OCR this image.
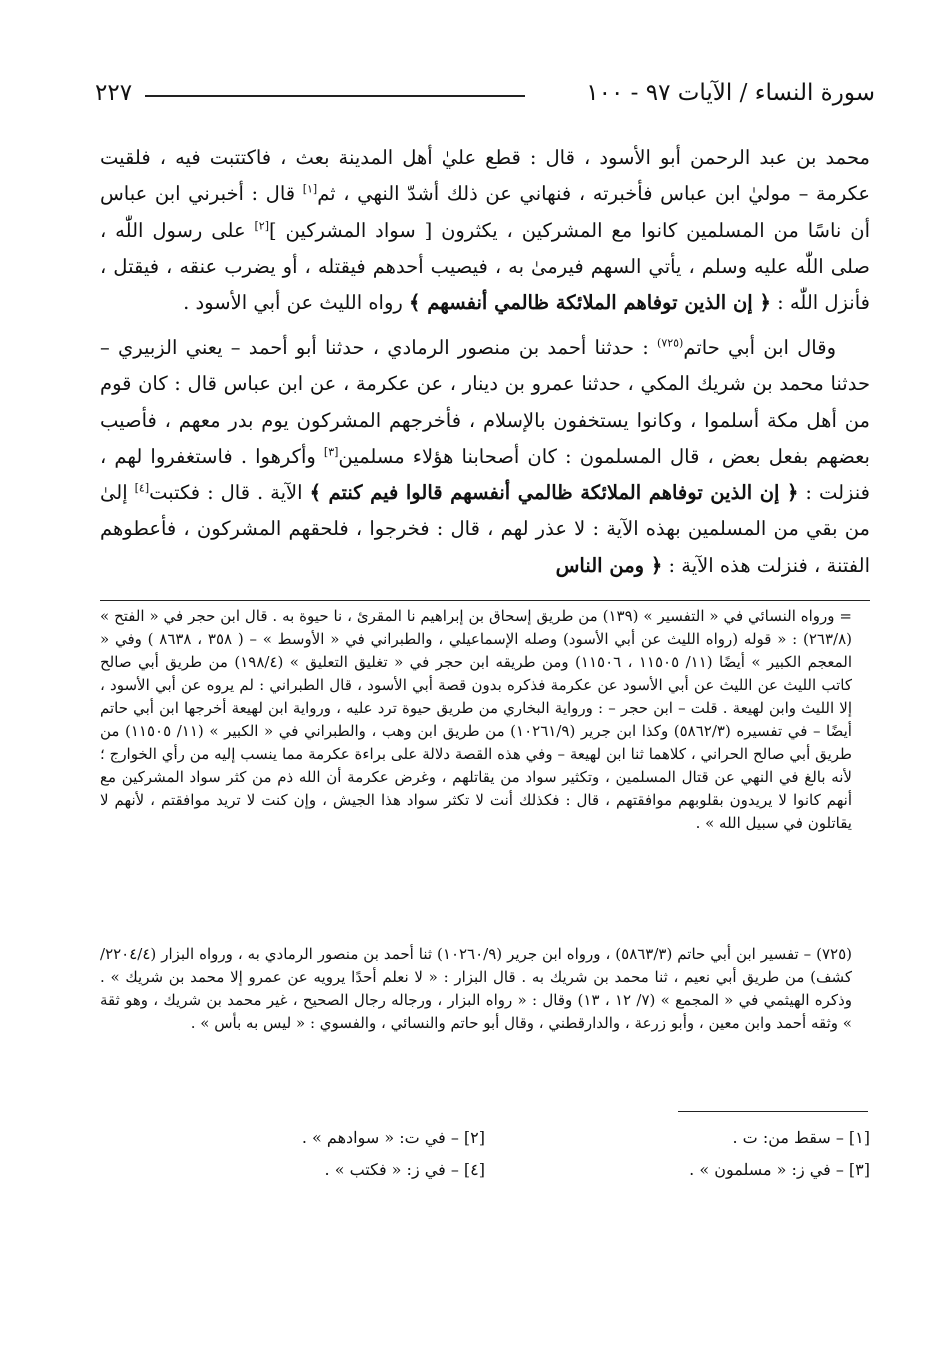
سورة النساء / الآيات ٩٧ - ١٠٠
٢٢٧
محمد بن عبد الرحمن أبو الأسود ، قال : قطع عليٰ أهل المدينة بعث ، فاكتتبت فيه ، فلقيت عكرمة – موليٰ ابن عباس فأخبرته ، فنهاني عن ذلك أشدّ النهي ، ثم[١] قال : أخبرني ابن عباس أن ناسًا من المسلمين كانوا مع المشركين ، يكثرون [ سواد المشركين ][٢] على رسول اللّٰه ، صلى اللّٰه عليه وسلم ، يأتي السهم فيرمىٰ به ، فيصيب أحدهم فيقتله ، أو يضرب عنقه ، فيقتل ، فأنزل اللّٰه : ﴿ إن الذين توفاهم الملائكة ظالمي أنفسهم ﴾ رواه الليث عن أبي الأسود .
وقال ابن أبي حاتم$^{(٧٢٥)}$ : حدثنا أحمد بن منصور الرمادي ، حدثنا أبو أحمد – يعني الزبيري – حدثنا محمد بن شريك المكي ، حدثنا عمرو بن دينار ، عن عكرمة ، عن ابن عباس قال : كان قوم من أهل مكة أسلموا ، وكانوا يستخفون بالإسلام ، فأخرجهم المشركون يوم بدر معهم ، فأصيب بعضهم بفعل بعض ، قال المسلمون : كان أصحابنا هؤلاء مسلمين[٣] وأكرهوا . فاستغفروا لهم ، فنزلت : ﴿ إن الذين توفاهم الملائكة ظالمي أنفسهم قالوا فيم كنتم ﴾ الآية . قال : فكتبت[٤] إلىٰ من بقي من المسلمين بهذه الآية : لا عذر لهم ، قال : فخرجوا ، فلحقهم المشركون ، فأعطوهم الفتنة ، فنزلت هذه الآية : ﴿ ومن الناس
= ورواه النسائي في « التفسير » (١٣٩) من طريق إسحاق بن إبراهيم نا المقرئ ، نا حيوة به . قال ابن حجر في « الفتح » (٢٦٣/٨) : « قوله (رواه الليث عن أبي الأسود) وصله الإسماعيلي ، والطبراني في « الأوسط » – ( ٣٥٨ ، ٨٦٣٨ ) وفي « المعجم الكبير » أيضًا (١١/ ١١٥٠٥ ، ١١٥٠٦) ومن طريقه ابن حجر في « تغليق التعليق » (١٩٨/٤) من طريق أبي صالح كاتب الليث عن الليث عن أبي الأسود عن عكرمة فذكره بدون قصة أبي الأسود ، قال الطبراني : لم يروه عن أبي الأسود ، إلا الليث وابن لهيعة . قلت – ابن حجر – : ورواية البخاري من طريق حيوة ترد عليه ، ورواية ابن لهيعة أخرجها ابن أبي حاتم أيضًا – في تفسيره (٥٨٦٢/٣) وكذا ابن جرير (١٠٢٦١/٩) من طريق ابن وهب ، والطبراني في « الكبير » (١١/ ١١٥٠٥) من طريق أبي صالح الحراني ، كلاهما ثنا ابن لهيعة – وفي هذه القصة دلالة على براءة عكرمة مما ينسب إليه من رأي الخوارج ؛ لأنه بالغ في النهي عن قتال المسلمين ، وتكثير سواد من يقاتلهم ، وغرض عكرمة أن الله ذم من كثر سواد المشركين مع أنهم كانوا لا يريدون بقلوبهم موافقتهم ، قال : فكذلك أنت لا تكثر سواد هذا الجيش ، وإن كنت لا تريد موافقتم ، لأنهم لا يقاتلون في سبيل الله » .
(٧٢٥) – تفسير ابن أبي حاتم (٥٨٦٣/٣) ، ورواه ابن جرير (١٠٢٦٠/٩) ثنا أحمد بن منصور الرمادي به ، ورواه البزار (٢٢٠٤/٤/ كشف) من طريق أبي نعيم ، ثنا محمد بن شريك به . قال البزار : « لا نعلم أحدًا يرويه عن عمرو إلا محمد بن شريك » . وذكره الهيثمي في « المجمع » (٧/ ١٢ ، ١٣) وقال : « رواه البزار ، ورجاله رجال الصحيح ، غير محمد بن شريك ، وهو ثقة » وثقه أحمد وابن معين ، وأبو زرعة ، والدارقطني ، وقال أبو حاتم والنسائي ، والفسوي : « ليس به بأس » .
[١] – سقط من: ت .
[٢] – في ت: « سوادهم » .
[٣] – في ز: « مسلمون » .
[٤] – في ز: « فكتب » .
